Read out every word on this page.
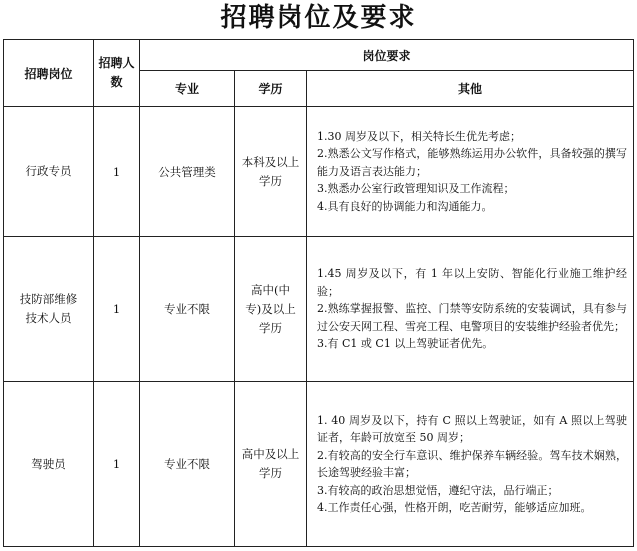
招聘岗位及要求
招聘岗位	招聘人数	岗位要求		
		专业	学历	其他
行政专员	1	公共管理类	本科及以上学历	1.30 周岁及以下，相关特长生优先考虑；
2.熟悉公文写作格式，能够熟练运用办公软件，具备较强的撰写能力及语言表达能力；
3.熟悉办公室行政管理知识及工作流程；
4.具有良好的协调能力和沟通能力。

技防部维修技术人员	1	专业不限	高中(中专)及以上学历	1.45 周岁及以下，有 1 年以上安防、智能化行业施工维护经验；
2.熟练掌握报警、监控、门禁等安防系统的安装调试，具有参与过公安天网工程、雪亮工程、电警项目的安装维护经验者优先；
3.有 C1 或 C1 以上驾驶证者优先。

驾驶员	1	专业不限	高中及以上学历	1. 40 周岁及以下，持有 C 照以上驾驶证，如有 A 照以上驾驶证者，年龄可放宽至 50 周岁；
2.有较高的安全行车意识、维护保养车辆经验。驾车技术娴熟，长途驾驶经验丰富；
3.有较高的政治思想觉悟，遵纪守法，品行端正；
4.工作责任心强，性格开朗，吃苦耐劳，能够适应加班。
